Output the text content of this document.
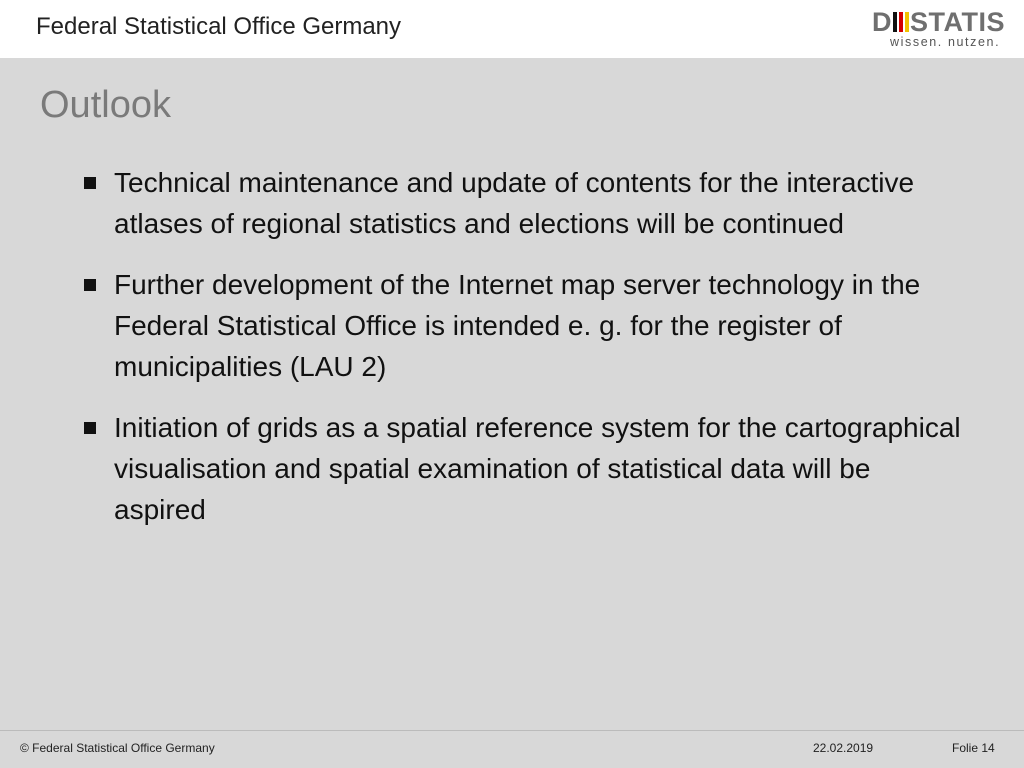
Federal Statistical Office Germany	D STATIS
wissen. nutzen.
Outlook
Technical maintenance and update of contents for the interactive atlases of regional statistics and elections will be continued
Further development of the Internet map server technology in the Federal Statistical Office is intended e. g. for the register of municipalities (LAU 2)
Initiation of grids as a spatial reference system for the cartographical visualisation and spatial examination of statistical data will be aspired
© Federal Statistical Office Germany	22.02.2019	Folie 14
